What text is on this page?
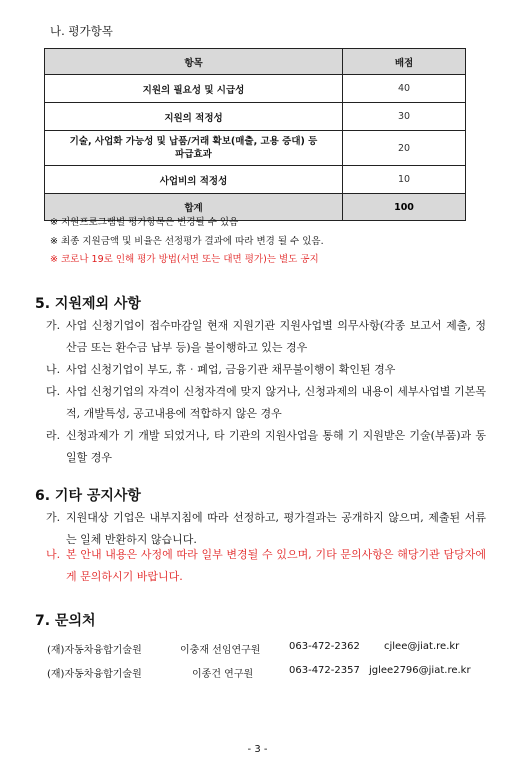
나. 평가항목
항목	배점
지원의 필요성 및 시급성	40
지원의 적정성	30
기술, 사업화 가능성 및 납품/거래 확보(매출, 고용 증대) 등
파급효과	20
사업비의 적정성	10
합계	100
※ 지원프로그램별 평가항목은 변경될 수 있음
※ 최종 지원금액 및 비율은 선정평가 결과에 따라 변경 될 수 있음.
※ 코로나 19로 인해 평가 방법(서면 또는 대면 평가)는 별도 공지
5. 지원제외 사항
가. 사업 신청기업이 접수마감일 현재 지원기관 지원사업별 의무사항(각종 보고서 제출, 정산금 또는 환수금 납부 등)을 불이행하고 있는 경우
나. 사업 신청기업이 부도, 휴‧폐업, 금융기관 채무불이행이 확인된 경우
다. 사업 신청기업의 자격이 신청자격에 맞지 않거나, 신청과제의 내용이 세부사업별 기본목적, 개발특성, 공고내용에 적합하지 않은 경우
라. 신청과제가 기 개발 되었거나, 타 기관의 지원사업을 통해 기 지원받은 기술(부품)과 동일할 경우
6. 기타 공지사항
가. 지원대상 기업은 내부지침에 따라 선정하고, 평가결과는 공개하지 않으며, 제출된 서류는 일체 반환하지 않습니다.
나. 본 안내 내용은 사정에 따라 일부 변경될 수 있으며, 기타 문의사항은 해당기관 담당자에게 문의하시기 바랍니다.
7. 문의처
(재)자동차융합기술원	이충재 선임연구원	063-472-2362 cjlee@jiat.re.kr
(재)자동차융합기술원	이종건 연구원	063-472-2357 jglee2796@jiat.re.kr
- 3 -
